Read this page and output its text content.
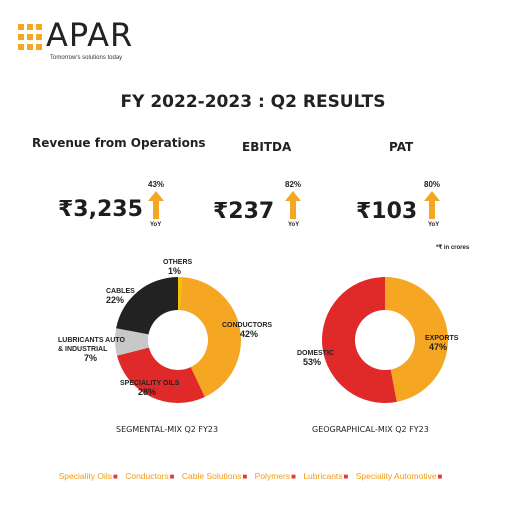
APAR
Tomorrow's solutions today
FY 2022-2023 : Q2 RESULTS
Revenue from Operations	EBITDA	PAT
₹3,235	₹237	₹103
43%	82%	80%
YoY	YoY	YoY
*₹ in crores
OTHERS
1%
CABLES
22%
CONDUCTORS
42%
LUBRICANTS AUTO & INDUSTRIAL
7%
SPECIALITY OILS
28%
DOMESTIC
53%
EXPORTS
47%
SEGMENTAL-MIX Q2 FY23	GEOGRAPHICAL-MIX Q2 FY23
Speciality Oils■ Conductors■ Cable Solutions■ Polymers■ Lubricants■ Speciality Automotive■
